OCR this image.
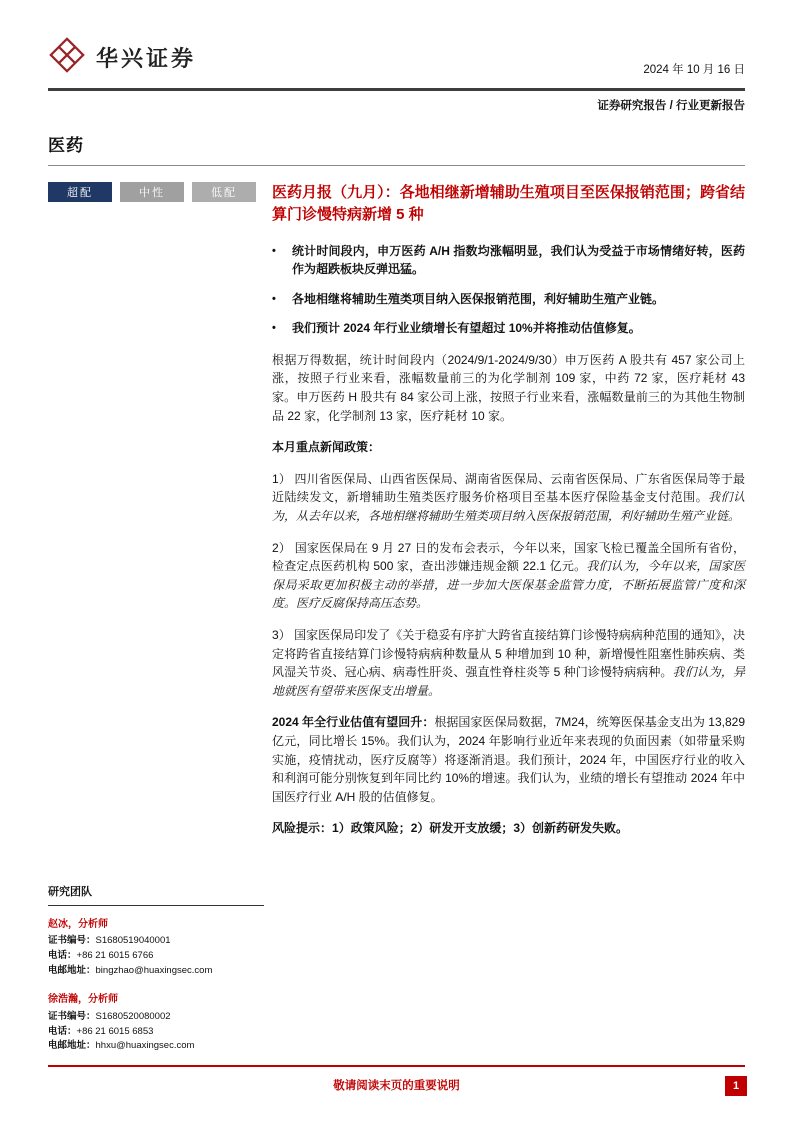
华兴证券	2024 年 10 月 16 日
证券研究报告 / 行业更新报告
医药
超配	中性	低配
研究团队
赵冰，分析师
证书编号：S1680519040001
电话：+86 21 6015 6766
电邮地址：bingzhao@huaxingsec.com
徐浩瀚，分析师
证书编号：S1680520080002
电话：+86 21 6015 6853
电邮地址：hhxu@huaxingsec.com
医药月报（九月）：各地相继新增辅助生殖项目至医保报销范围；跨省结算门诊慢特病新增 5 种
•	统计时间段内，申万医药 A/H 指数均涨幅明显，我们认为受益于市场情绪好转，医药作为超跌板块反弹迅猛。
•	各地相继将辅助生殖类项目纳入医保报销范围，利好辅助生殖产业链。
•	我们预计 2024 年行业业绩增长有望超过 10%并将推动估值修复。
根据万得数据，统计时间段内（2024/9/1-2024/9/30）申万医药 A 股共有 457 家公司上涨，按照子行业来看，涨幅数量前三的为化学制剂 109 家，中药 72 家，医疗耗材 43 家。申万医药 H 股共有 84 家公司上涨，按照子行业来看，涨幅数量前三的为其他生物制品 22 家，化学制剂 13 家，医疗耗材 10 家。
本月重点新闻政策：
1） 四川省医保局、山西省医保局、湖南省医保局、云南省医保局、广东省医保局等于最近陆续发文，新增辅助生殖类医疗服务价格项目至基本医疗保险基金支付范围。我们认为，从去年以来，各地相继将辅助生殖类项目纳入医保报销范围，利好辅助生殖产业链。
2） 国家医保局在 9 月 27 日的发布会表示，今年以来，国家飞检已覆盖全国所有省份，检查定点医药机构 500 家，查出涉嫌违规金额 22.1 亿元。我们认为，今年以来，国家医保局采取更加积极主动的举措，进一步加大医保基金监管力度，不断拓展监管广度和深度。医疗反腐保持高压态势。
3） 国家医保局印发了《关于稳妥有序扩大跨省直接结算门诊慢特病病种范围的通知》，决定将跨省直接结算门诊慢特病病种数量从 5 种增加到 10 种，新增慢性阻塞性肺疾病、类风湿关节炎、冠心病、病毒性肝炎、强直性脊柱炎等 5 种门诊慢特病病种。我们认为，异地就医有望带来医保支出增量。
2024 年全行业估值有望回升：根据国家医保局数据，7M24，统筹医保基金支出为 13,829 亿元，同比增长 15%。我们认为，2024 年影响行业近年来表现的负面因素（如带量采购实施，疫情扰动，医疗反腐等）将逐渐消退。我们预计，2024 年，中国医疗行业的收入和利润可能分别恢复到年同比约 10%的增速。我们认为，业绩的增长有望推动 2024 年中国医疗行业 A/H 股的估值修复。
风险提示：1）政策风险；2）研发开支放缓；3）创新药研发失败。
敬请阅读末页的重要说明	1
